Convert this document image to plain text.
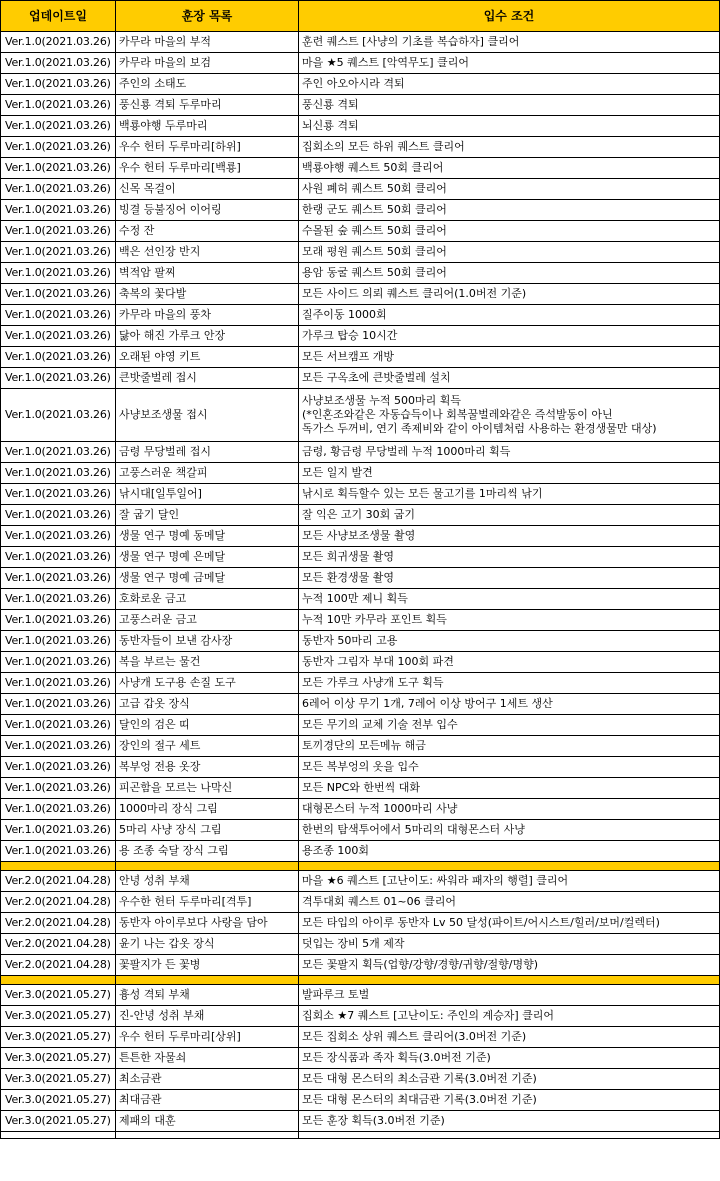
업데이트일	훈장 목록	입수 조건
Ver.1.0(2021.03.26)	카무라 마을의 부적	훈련 퀘스트 [사냥의 기초를 복습하자] 클리어
Ver.1.0(2021.03.26)	카무라 마을의 보검	마을 ★5 퀘스트 [악역무도] 클리어
Ver.1.0(2021.03.26)	주인의 소태도	주인 아오아시라 격퇴
Ver.1.0(2021.03.26)	풍신룡 격퇴 두루마리	풍신룡 격퇴
Ver.1.0(2021.03.26)	백룡야행 두루마리	뇌신룡 격퇴
Ver.1.0(2021.03.26)	우수 헌터 두루마리[하위]	집회소의 모든 하위 퀘스트 클리어
Ver.1.0(2021.03.26)	우수 헌터 두루마리[백룡]	백룡야행 퀘스트 50회 클리어
Ver.1.0(2021.03.26)	신목 목걸이	사원 폐허 퀘스트 50회 클리어
Ver.1.0(2021.03.26)	빙결 등불징어 이어링	한랭 군도 퀘스트 50회 클리어
Ver.1.0(2021.03.26)	수정 잔	수몰된 숲 퀘스트 50회 클리어
Ver.1.0(2021.03.26)	백은 선인장 반지	모래 평원 퀘스트 50회 클리어
Ver.1.0(2021.03.26)	벽적암 팔찌	용암 동굴 퀘스트 50회 클리어
Ver.1.0(2021.03.26)	축복의 꽃다발	모든 사이드 의뢰 퀘스트 클리어(1.0버전 기준)
Ver.1.0(2021.03.26)	카무라 마을의 풍차	질주이동 1000회
Ver.1.0(2021.03.26)	닳아 해진 가루크 안장	가루크 탑승 10시간
Ver.1.0(2021.03.26)	오래된 야영 키트	모든 서브캠프 개방
Ver.1.0(2021.03.26)	큰밧줄벌레 접시	모든 구옥초에 큰밧줄벌레 설치
Ver.1.0(2021.03.26)	사냥보조생물 접시	사냥보조생물 누적 500마리 획득
(*인혼조와같은 자동습득이나 회복꿀벌레와같은 즉석발동이 아닌
독가스 두꺼비, 연기 족제비와 같이 아이템처럼 사용하는 환경생물만 대상)

Ver.1.0(2021.03.26)	금령 무당벌레 접시	금령, 황금령 무당벌레 누적 1000마리 획득
Ver.1.0(2021.03.26)	고풍스러운 책갈피	모든 일지 발견
Ver.1.0(2021.03.26)	낚시대[일투일어]	낚시로 획득할수 있는 모든 물고기를 1마리씩 낚기
Ver.1.0(2021.03.26)	잘 굽기 달인	잘 익은 고기 30회 굽기
Ver.1.0(2021.03.26)	생물 연구 명예 동메달	모든 사냥보조생물 촬영
Ver.1.0(2021.03.26)	생물 연구 명예 은메달	모든 희귀생물 촬영
Ver.1.0(2021.03.26)	생물 연구 명예 금메달	모든 환경생물 촬영
Ver.1.0(2021.03.26)	호화로운 금고	누적 100만 제니 획득
Ver.1.0(2021.03.26)	고풍스러운 금고	누적 10만 카무라 포인트 획득
Ver.1.0(2021.03.26)	동반자들이 보낸 감사장	동반자 50마리 고용
Ver.1.0(2021.03.26)	복을 부르는 물건	동반자 그림자 부대 100회 파견
Ver.1.0(2021.03.26)	사냥개 도구용 손질 도구	모든 가루크 사냥개 도구 획득
Ver.1.0(2021.03.26)	고급 갑옷 장식	6레어 이상 무기 1개, 7레어 이상 방어구 1세트 생산
Ver.1.0(2021.03.26)	달인의 검은 띠	모든 무기의 교체 기술 전부 입수
Ver.1.0(2021.03.26)	장인의 절구 세트	토끼경단의 모든메뉴 해금
Ver.1.0(2021.03.26)	복부엉 전용 옷장	모든 복부엉의 옷을 입수
Ver.1.0(2021.03.26)	피곤함을 모르는 나막신	모든 NPC와 한번씩 대화
Ver.1.0(2021.03.26)	1000마리 장식 그림	대형몬스터 누적 1000마리 사냥
Ver.1.0(2021.03.26)	5마리 사냥 장식 그림	한번의 탐색투어에서 5마리의 대형몬스터 사냥
Ver.1.0(2021.03.26)	용 조종 숙달 장식 그림	용조종 100회

Ver.2.0(2021.04.28)	안녕 성취 부채	마을 ★6 퀘스트 [고난이도: 싸워라 패자의 행렬] 클리어
Ver.2.0(2021.04.28)	우수한 헌터 두루마리[격투]	격투대회 퀘스트 01~06 클리어
Ver.2.0(2021.04.28)	동반자 아이루보다 사랑을 담아	모든 타입의 아이루 동반자 Lv 50 달성(파이트/어시스트/힐러/보머/컬렉터)
Ver.2.0(2021.04.28)	윤기 나는 갑옷 장식	덧입는 장비 5개 제작
Ver.2.0(2021.04.28)	꽃팔지가 든 꽃병	모든 꽃팔지 획득(업향/강향/경향/귀향/절향/명향)

Ver.3.0(2021.05.27)	흉성 격퇴 부채	발파루크 토벌
Ver.3.0(2021.05.27)	진-안녕 성취 부채	집회소 ★7 퀘스트 [고난이도: 주인의 계승자] 클리어
Ver.3.0(2021.05.27)	우수 헌터 두루마리[상위]	모든 집회소 상위 퀘스트 클리어(3.0버전 기준)
Ver.3.0(2021.05.27)	튼튼한 자물쇠	모든 장식품과 족자 획득(3.0버전 기준)
Ver.3.0(2021.05.27)	최소금관	모든 대형 몬스터의 최소금관 기록(3.0버전 기준)
Ver.3.0(2021.05.27)	최대금관	모든 대형 몬스터의 최대금관 기록(3.0버전 기준)
Ver.3.0(2021.05.27)	제패의 대훈	모든 훈장 획득(3.0버전 기준)
